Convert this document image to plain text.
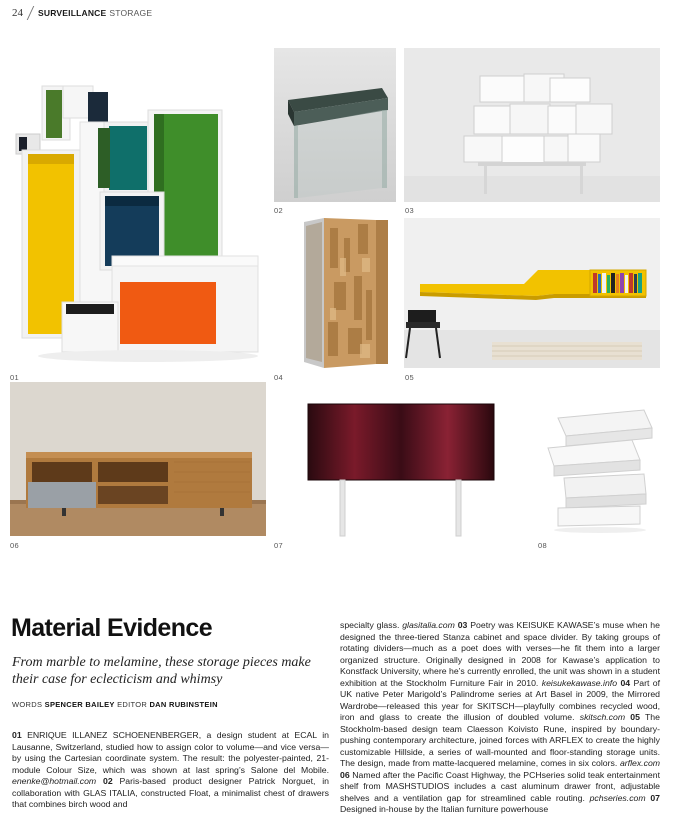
24 SURVEILLANCE STORAGE
01
02	03
04	05
06	07	08
Material Evidence
From marble to melamine, these storage pieces make their case for eclecticism and whimsy
WORDS SPENCER BAILEY EDITOR DAN RUBINSTEIN
01 ENRIQUE ILLANEZ SCHOENENBERGER, a design student at ECAL in Lausanne, Switzerland, studied how to assign color to volume—and vice versa—by using the Cartesian coordinate system. The result: the polyester-painted, 21-module Colour Size, which was shown at last spring’s Salone del Mobile. enenke@hotmail.com 02 Paris-based product designer Patrick Norguet, in collaboration with GLAS ITALIA, constructed Float, a minimalist chest of drawers that combines birch wood and
specialty glass. glasitalia.com 03 Poetry was KEISUKE KAWASE’s muse when he designed the three-tiered Stanza cabinet and space divider. By taking groups of rotating dividers—much as a poet does with verses—he fit them into a larger organized structure. Originally designed in 2008 for Kawase’s application to Konstfack University, where he’s currently enrolled, the unit was shown in a student exhibition at the Stockholm Furniture Fair in 2010. keisukekawase.info 04 Part of UK native Peter Marigold’s Palindrome series at Art Basel in 2009, the Mirrored Wardrobe—released this year for SKITSCH—playfully combines recycled wood, iron and glass to create the illusion of doubled volume. skitsch.com 05 The Stockholm-based design team Claesson Koivisto Rune, inspired by boundary-pushing contemporary architecture, joined forces with ARFLEX to create the highly customizable Hillside, a series of wall-mounted and floor-standing storage units. The design, made from matte-lacquered melamine, comes in six colors. arflex.com 06 Named after the Pacific Coast Highway, the PCHseries solid teak entertainment shelf from MASHSTUDIOS includes a cast aluminum drawer front, adjustable shelves and a ventilation gap for streamlined cable routing. pchseries.com 07 Designed in-house by the Italian furniture powerhouse
